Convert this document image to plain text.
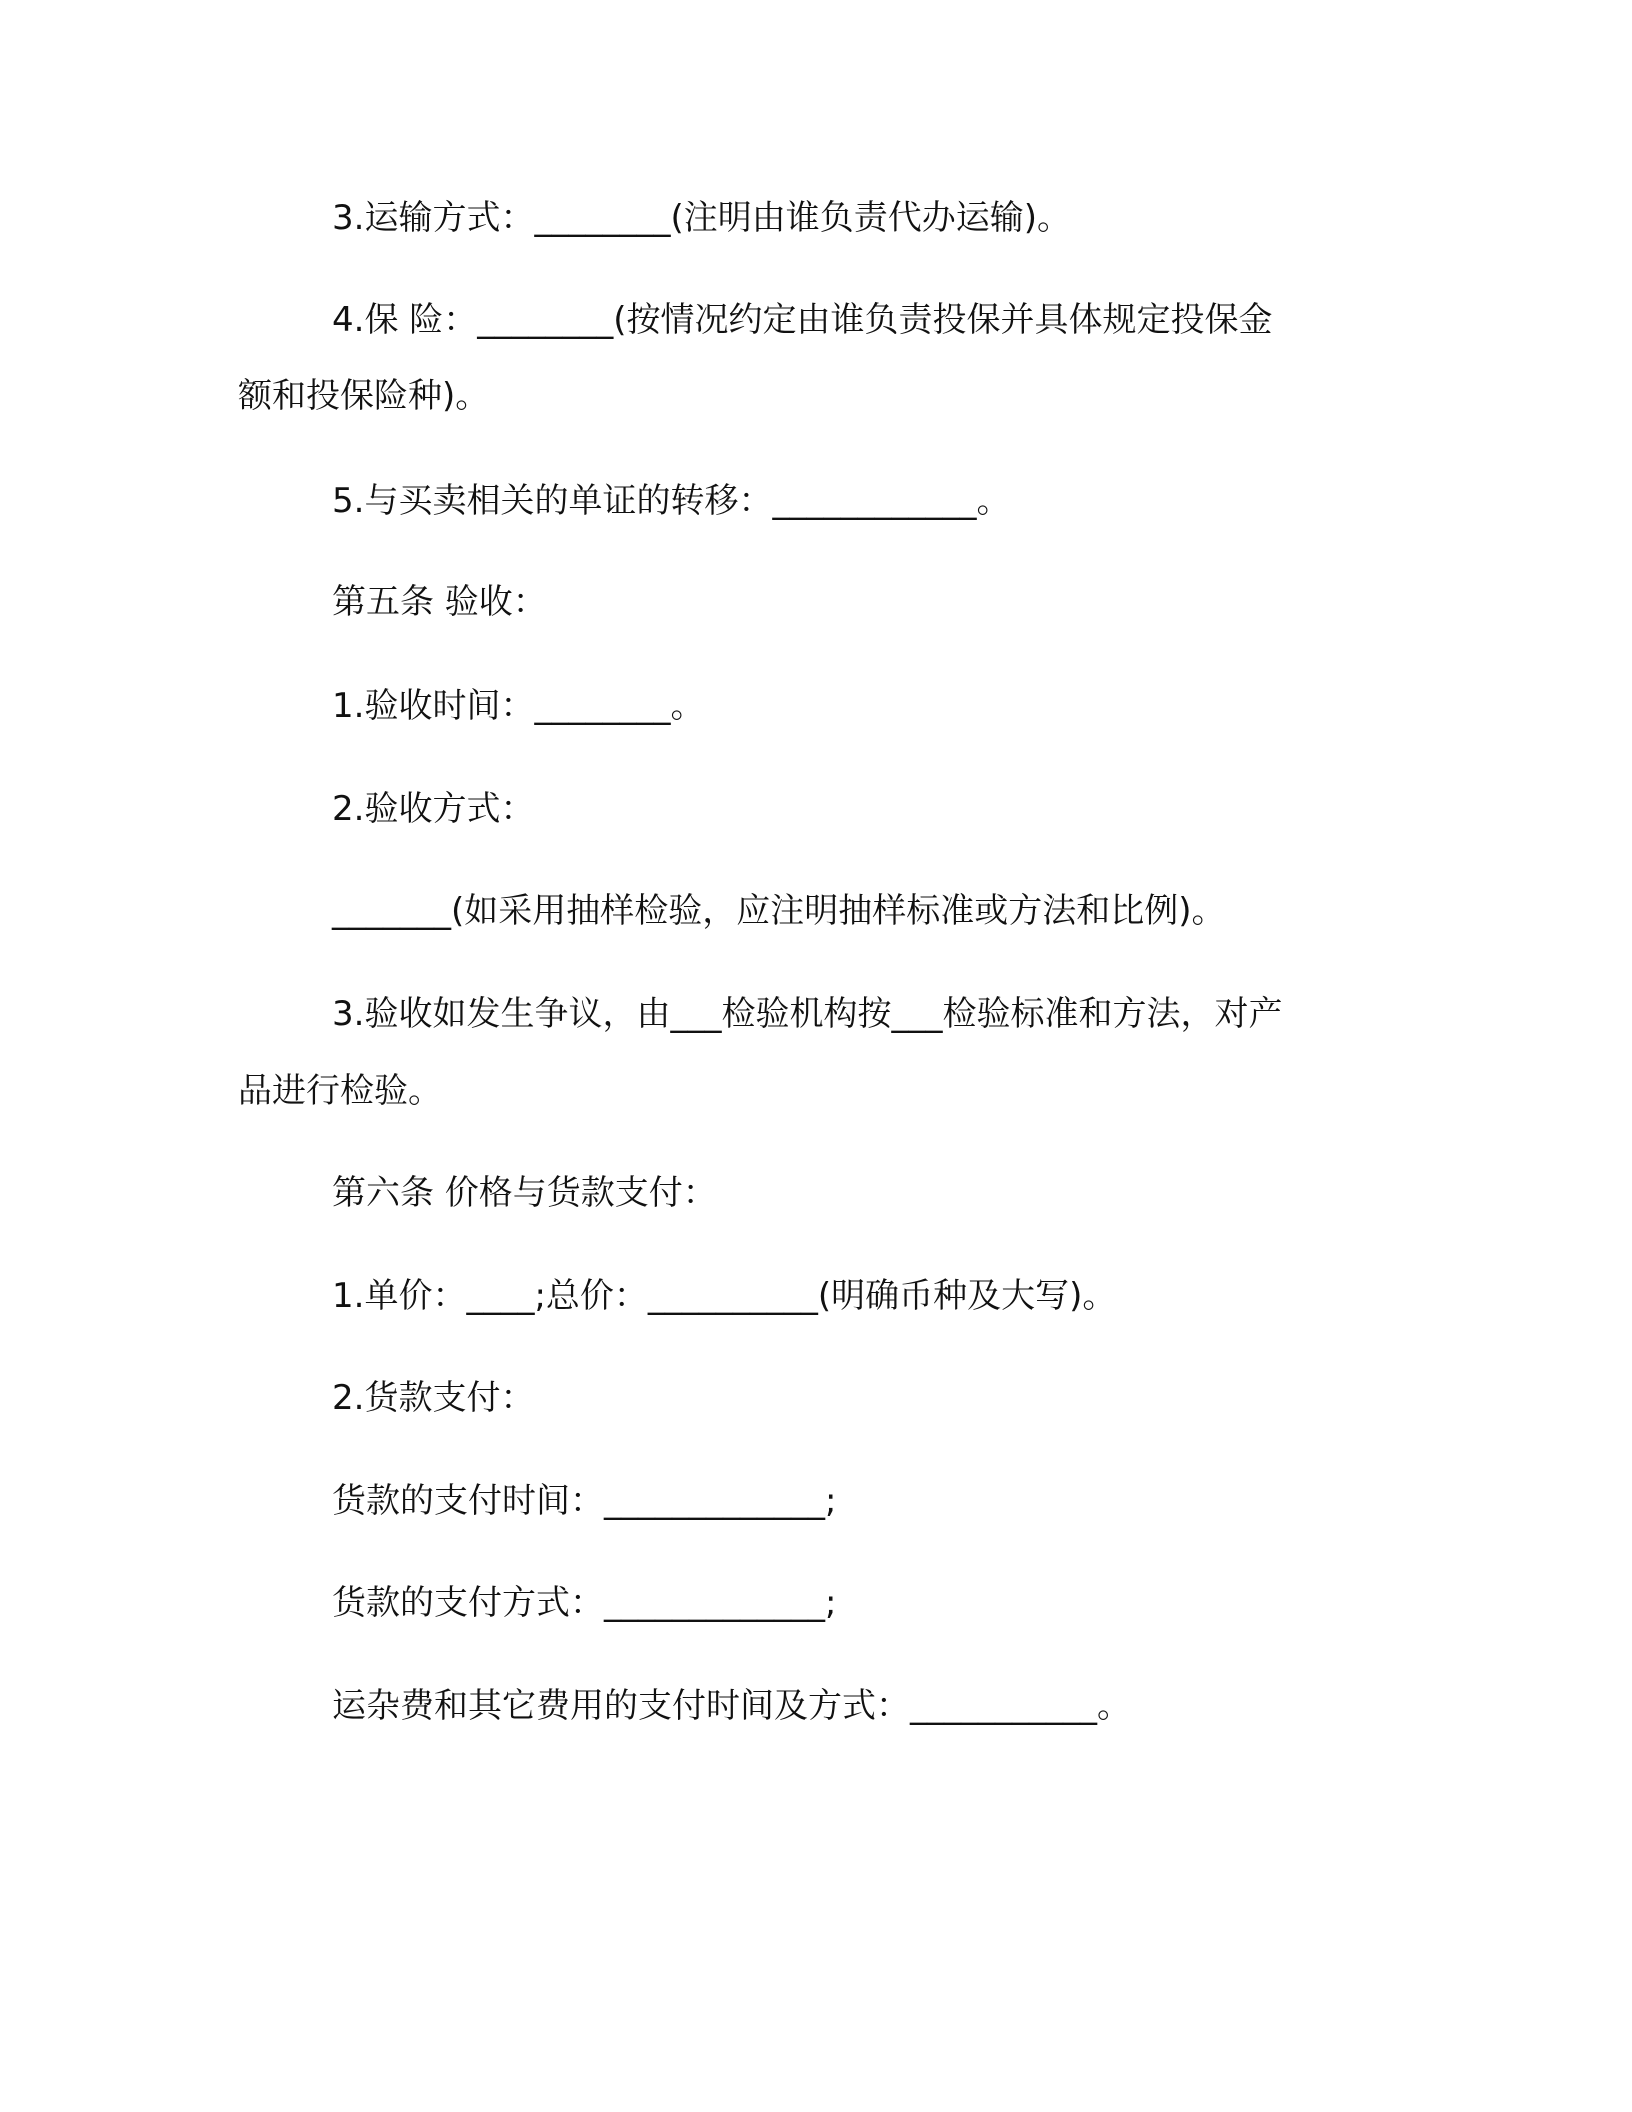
3.运输方式：________(注明由谁负责代办运输)。

4.保 险：________(按情况约定由谁负责投保并具体规定投保金

额和投保险种)。

5.与买卖相关的单证的转移：____________。

第五条 验收：

1.验收时间：________。

2.验收方式：

_______(如采用抽样检验，应注明抽样标准或方法和比例)。

3.验收如发生争议，由___检验机构按___检验标准和方法，对产

品进行检验。

第六条 价格与货款支付：

1.单价：____;总价：__________(明确币种及大写)。

2.货款支付：

货款的支付时间：_____________;

货款的支付方式：_____________;

运杂费和其它费用的支付时间及方式：___________。
